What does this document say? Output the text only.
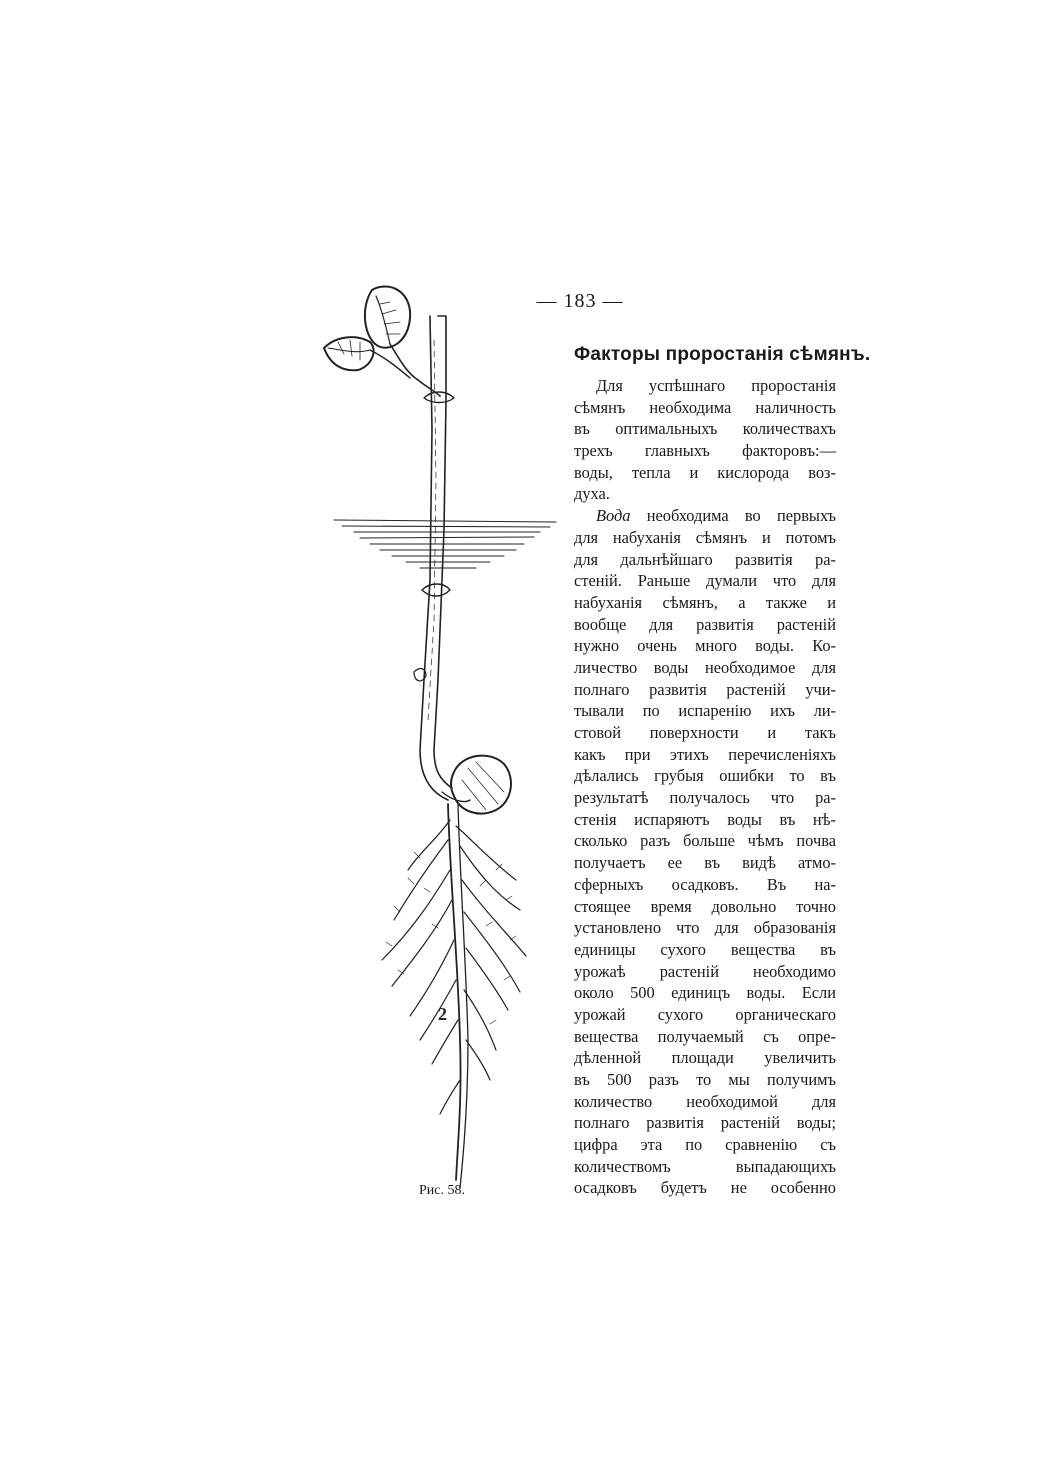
— 183 —
Факторы проростанія сѣмянъ.
Для успѣшнаго проростанія
сѣмянъ необходима наличность
въ оптимальныхъ количествахъ
трехъ главныхъ факторовъ:—
воды, тепла и кислорода воз-
духа.
Вода необходима во первыхъ
для набуханія сѣмянъ и потомъ
для дальнѣйшаго развитія ра-
стеній. Раньше думали что для
набуханія сѣмянъ, а также и
вообще для развитія растеній
нужно очень много воды. Ко-
личество воды необходимое для
полнаго развитія растеній учи-
тывали по испаренію ихъ ли-
стовой поверхности и такъ
какъ при этихъ перечисленіяхъ
дѣлались грубыя ошибки то въ
результатѣ получалось что ра-
стенія испаряютъ воды въ нѣ-
сколько разъ больше чѣмъ почва
получаетъ ее въ видѣ атмо-
сферныхъ осадковъ. Въ на-
стоящее время довольно точно
установлено что для образованія
единицы сухого вещества въ
урожаѣ растеній необходимо
около 500 единицъ воды. Если
урожай сухого органическаго
вещества получаемый съ опре-
дѣленной площади увеличить
въ 500 разъ то мы получимъ
количество необходимой для
полнаго развитія растеній воды;
цифра эта по сравненію съ
количествомъ выпадающихъ
осадковъ будетъ не особенно
2
Рис. 58.
